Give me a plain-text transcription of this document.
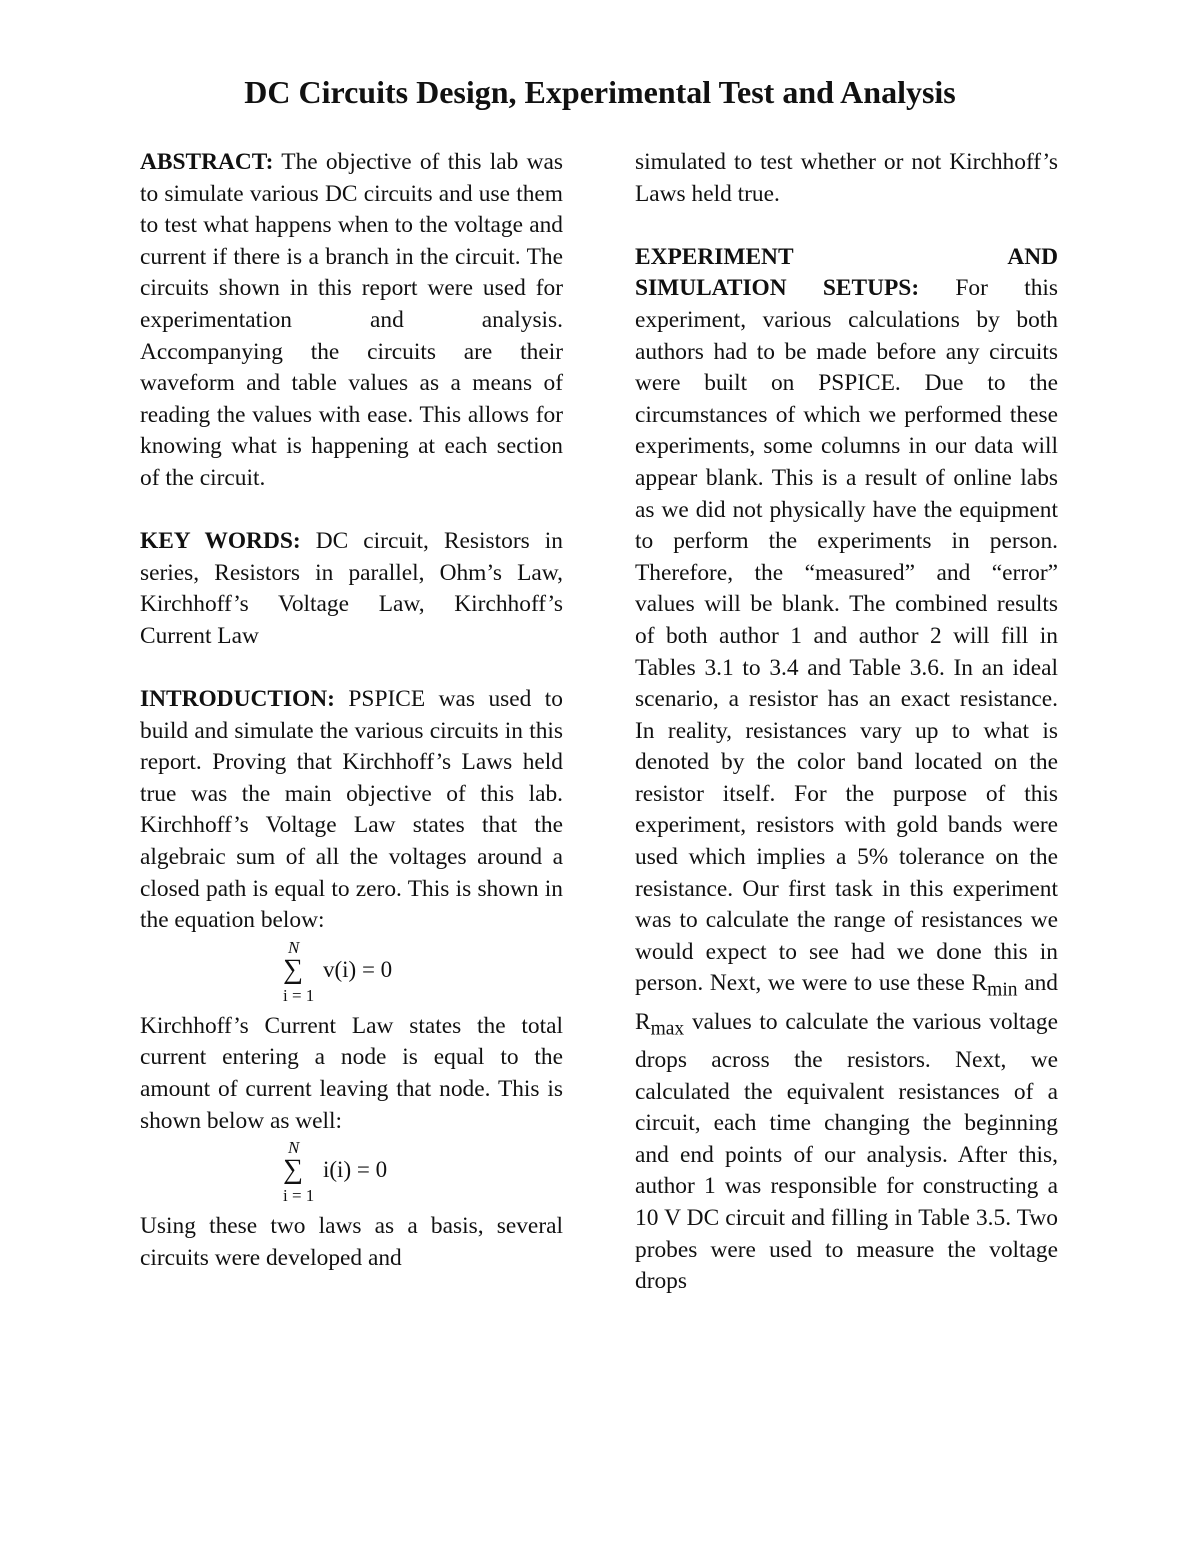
DC Circuits Design, Experimental Test and Analysis

ABSTRACT: The objective of this lab was to simulate various DC circuits and use them to test what happens when to the voltage and current if there is a branch in the circuit. The circuits shown in this report were used for experimentation and analysis. Accompanying the circuits are their waveform and table values as a means of reading the values with ease. This allows for knowing what is happening at each section of the circuit.

KEY WORDS: DC circuit, Resistors in series, Resistors in parallel, Ohm’s Law, Kirchhoff’s Voltage Law, Kirchhoff’s Current Law

INTRODUCTION: PSPICE was used to build and simulate the various circuits in this report. Proving that Kirchhoff’s Laws held true was the main objective of this lab. Kirchhoff’s Voltage Law states that the algebraic sum of all the voltages around a closed path is equal to zero. This is shown in the equation below:

N
∑ v(i) = 0
i = 1

Kirchhoff’s Current Law states the total current entering a node is equal to the amount of current leaving that node. This is shown below as well:

N
∑ i(i) = 0
i = 1

Using these two laws as a basis, several circuits were developed and

simulated to test whether or not Kirchhoff’s Laws held true.

EXPERIMENT	AND

SIMULATION SETUPS: For this experiment, various calculations by both authors had to be made before any circuits were built on PSPICE. Due to the circumstances of which we performed these experiments, some columns in our data will appear blank. This is a result of online labs as we did not physically have the equipment to perform the experiments in person. Therefore, the “measured” and “error” values will be blank. The combined results of both author 1 and author 2 will fill in Tables 3.1 to 3.4 and Table 3.6. In an ideal scenario, a resistor has an exact resistance. In reality, resistances vary up to what is denoted by the color band located on the resistor itself. For the purpose of this experiment, resistors with gold bands were used which implies a 5% tolerance on the resistance. Our first task in this experiment was to calculate the range of resistances we would expect to see had we done this in person. Next, we were to use these $R_{min}$ and $R_{max}$ values to calculate the various voltage drops across the resistors. Next, we calculated the equivalent resistances of a circuit, each time changing the beginning and end points of our analysis. After this, author 1 was responsible for constructing a 10 V DC circuit and filling in Table 3.5. Two probes were used to measure the voltage drops
